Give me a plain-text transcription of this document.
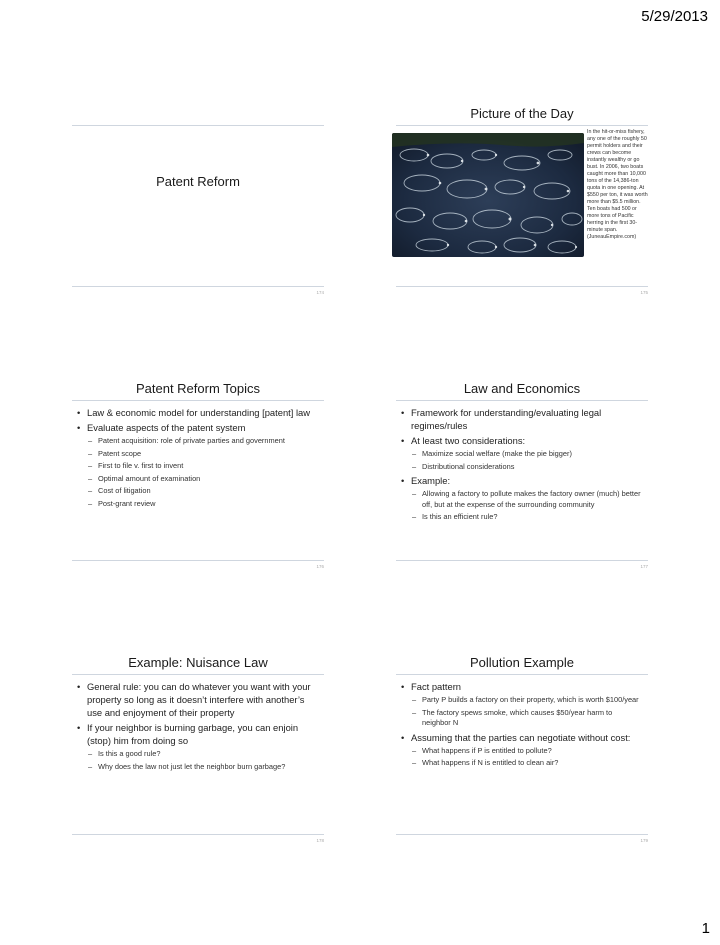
5/29/2013
Patent Reform
174
Picture of the Day
In the hit-or-miss fishery, any one of the roughly 50 permit holders and their crews can become instantly wealthy or go bust. In 2006, two boats caught more than 10,000 tons of the 14,386-ton quota in one opening. At $550 per ton, it was worth more than $5.5 million. Ten boats had 500 or more tons of Pacific herring in the first 30-minute span. (JuneauEmpire.com)
175
Patent Reform Topics
• Law & economic model for understanding [patent] law
• Evaluate aspects of the patent system
– Patent acquisition: role of private parties and government
– Patent scope
– First to file v. first to invent
– Optimal amount of examination
– Cost of litigation
– Post-grant review
176
Law and Economics
• Framework for understanding/evaluating legal regimes/rules
• At least two considerations:
– Maximize social welfare (make the pie bigger)
– Distributional considerations
• Example:
– Allowing a factory to pollute makes the factory owner (much) better off, but at the expense of the surrounding community
– Is this an efficient rule?
177
Example: Nuisance Law
• General rule: you can do whatever you want with your property so long as it doesn’t interfere with another’s use and enjoyment of their property
• If your neighbor is burning garbage, you can enjoin (stop) him from doing so
– Is this a good rule?
– Why does the law not just let the neighbor burn garbage?
178
Pollution Example
• Fact pattern
– Party P builds a factory on their property, which is worth $100/year
– The factory spews smoke, which causes $50/year harm to neighbor N
• Assuming that the parties can negotiate without cost:
– What happens if P is entitled to pollute?
– What happens if N is entitled to clean air?
179
1
